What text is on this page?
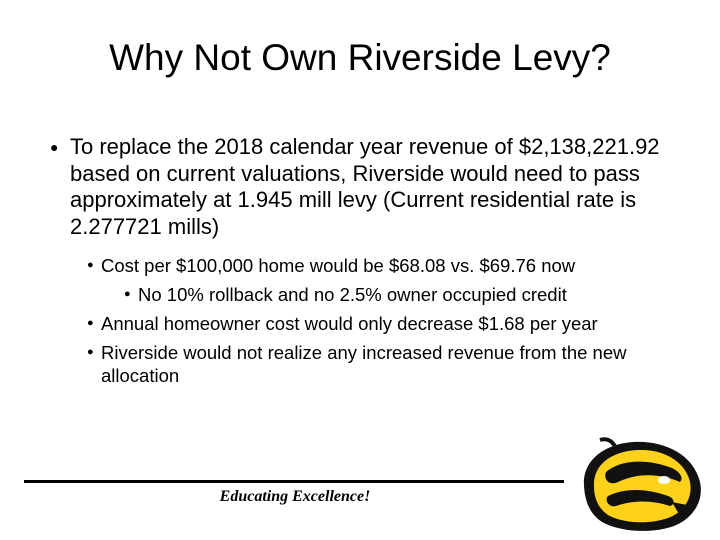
Why Not Own Riverside Levy?
● To replace the 2018 calendar year revenue of $2,138,221.92 based on current valuations, Riverside would need to pass approximately at 1.945 mill levy (Current residential rate is 2.277721 mills)
● Cost per $100,000 home would be $68.08 vs. $69.76 now
● No 10% rollback and no 2.5% owner occupied credit
● Annual homeowner cost would only decrease $1.68 per year
● Riverside would not realize any increased revenue from the new allocation
Educating Excellence!
